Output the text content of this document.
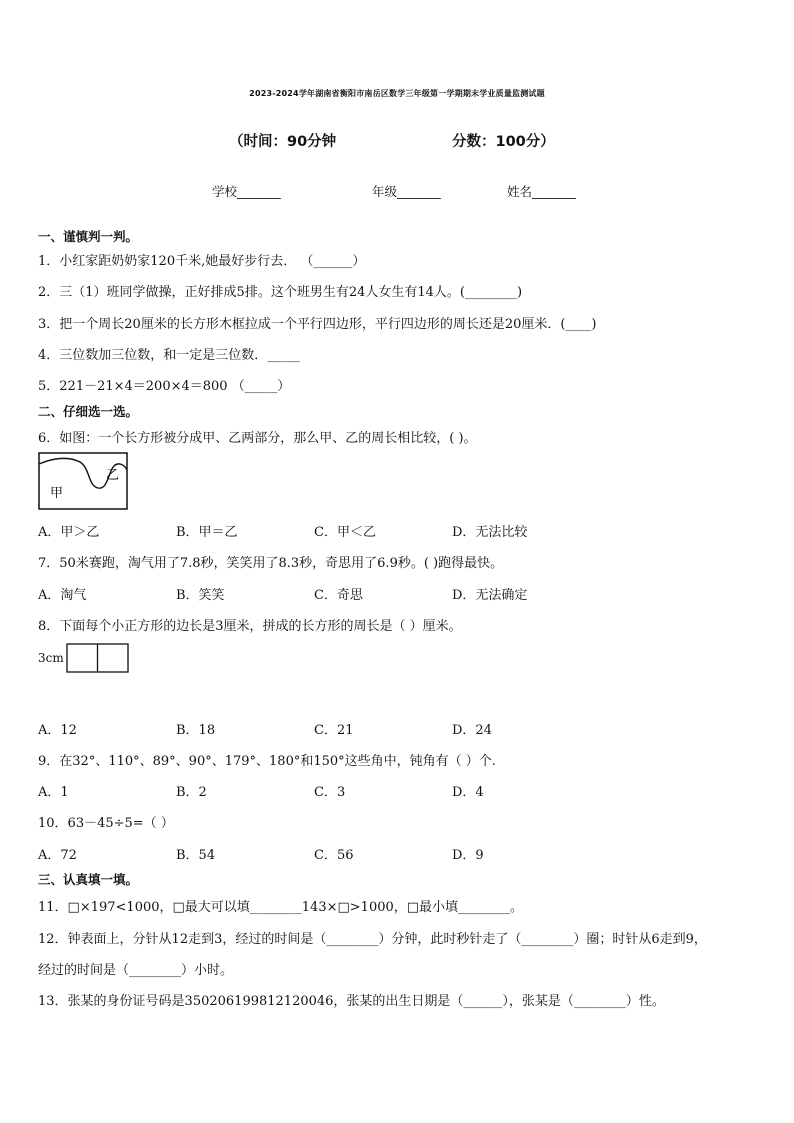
2023-2024学年湖南省衡阳市南岳区数学三年级第一学期期末学业质量监测试题
（时间：90分钟	分数：100分）
学校_______	年级_______	姓名_______
一、谨慎判一判。
1．小红家距奶奶家120千米,她最好步行去． （______）
2．三（1）班同学做操，正好排成5排。这个班男生有24人女生有14人。(________)
3．把一个周长20厘米的长方形木框拉成一个平行四边形，平行四边形的周长还是20厘米．(____)
4．三位数加三位数，和一定是三位数．_____
5．221－21×4＝200×4＝800 （_____）
二、仔细选一选。
6．如图：一个长方形被分成甲、乙两部分，那么甲、乙的周长相比较，( )。
甲
乙
A．甲＞乙	B．甲＝乙	C．甲＜乙	D．无法比较
7．50米赛跑，淘气用了7.8秒，笑笑用了8.3秒，奇思用了6.9秒。( )跑得最快。
A．淘气	B．笑笑	C．奇思	D．无法确定
8．下面每个小正方形的边长是3厘米，拼成的长方形的周长是（ ）厘米。
3cm
A．12	B．18	C．21	D．24
9．在32°、110°、89°、90°、179°、180°和150°这些角中，钝角有（ ）个.
A．1	B．2	C．3	D．4
10．63－45÷5=（ ）
A．72	B．54	C．56	D．9
三、认真填一填。
11．□×197<1000，□最大可以填________143×□>1000，□最小填________。
12．钟表面上，分针从12走到3，经过的时间是（________）分钟，此时秒针走了（________）圈；时针从6走到9，
经过的时间是（________）小时。
13．张某的身份证号码是350206199812120046，张某的出生日期是（______），张某是（________）性。
